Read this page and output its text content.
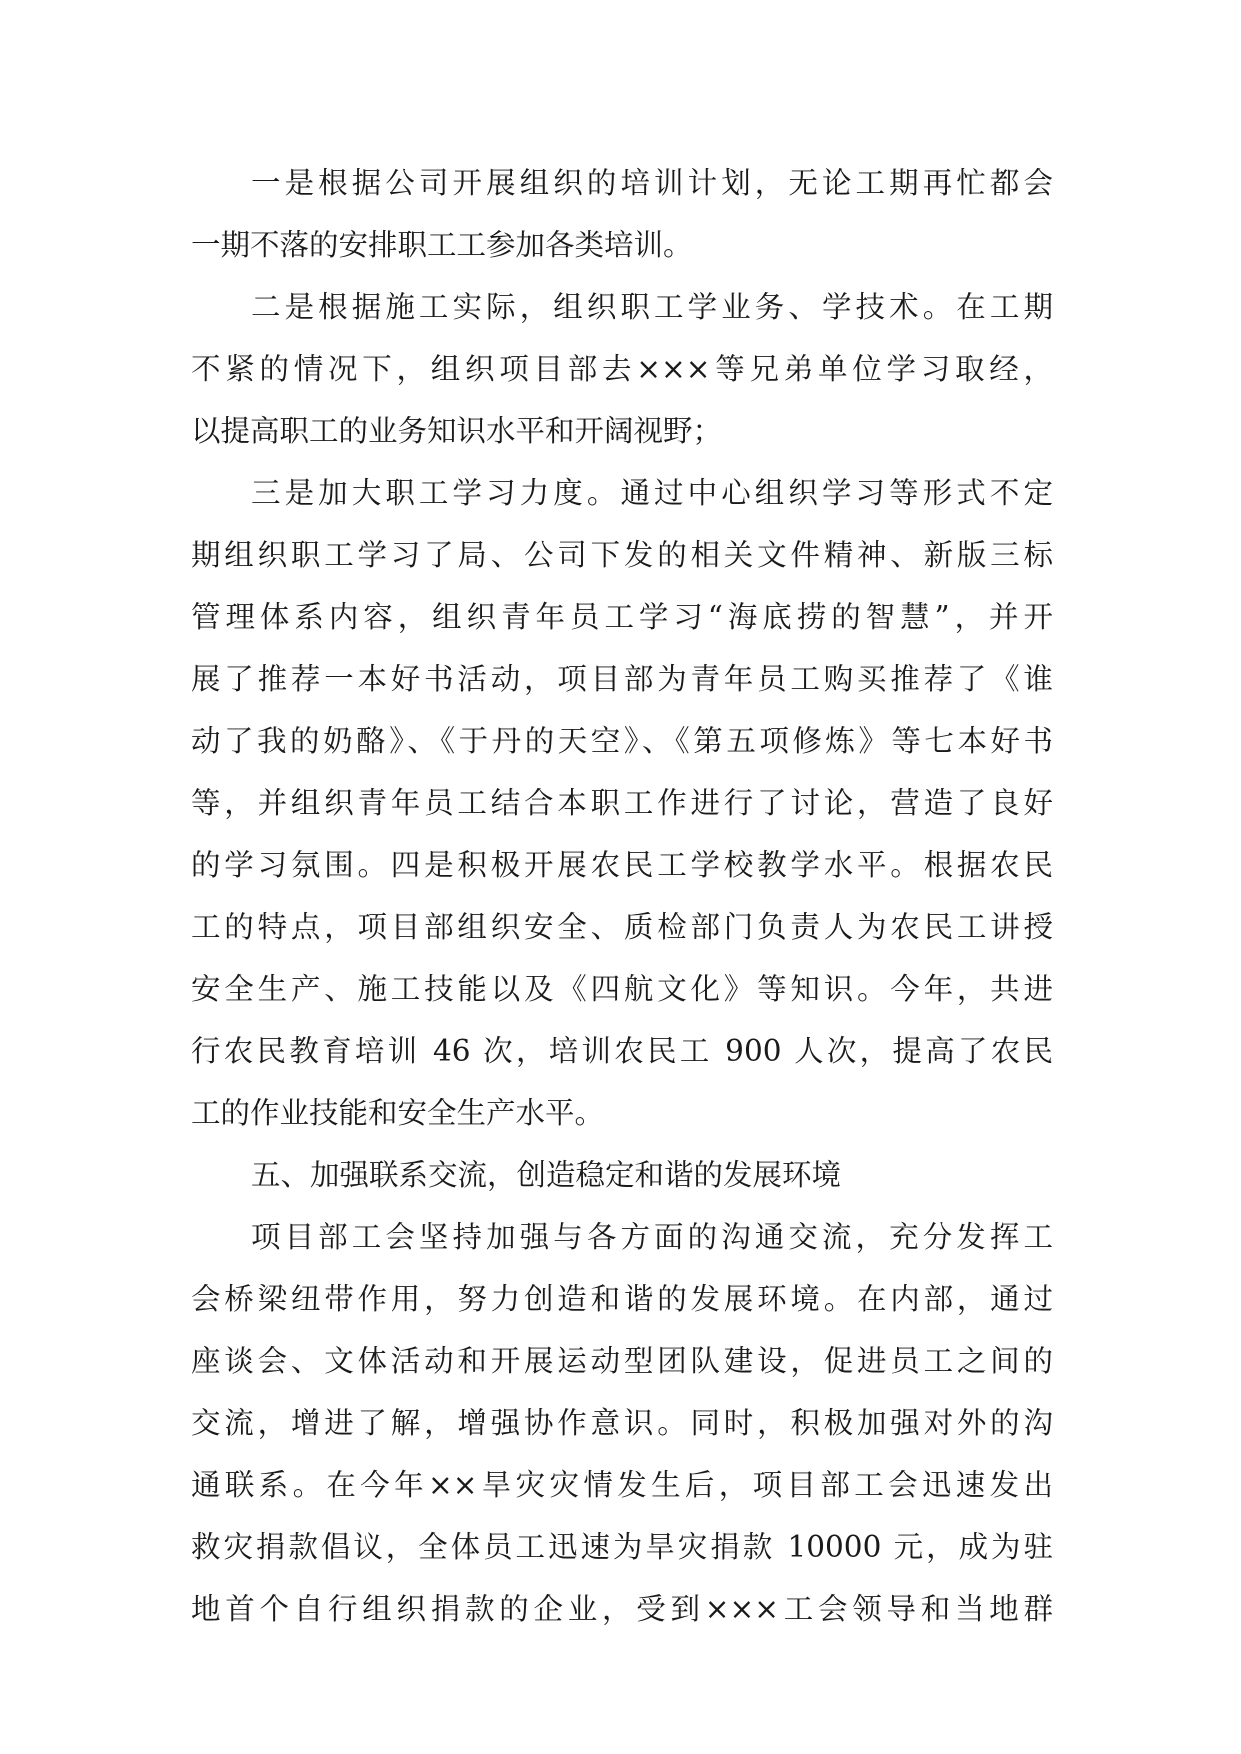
一是根据公司开展组织的培训计划，无论工期再忙都会
一期不落的安排职工工参加各类培训。
二是根据施工实际，组织职工学业务、学技术。在工期
不紧的情况下，组织项目部去×××等兄弟单位学习取经，
以提高职工的业务知识水平和开阔视野；
三是加大职工学习力度。通过中心组织学习等形式不定
期组织职工学习了局、公司下发的相关文件精神、新版三标
管理体系内容，组织青年员工学习“海底捞的智慧”，并开
展了推荐一本好书活动，项目部为青年员工购买推荐了《谁
动了我的奶酪》、《于丹的天空》、《第五项修炼》等七本好书
等，并组织青年员工结合本职工作进行了讨论，营造了良好
的学习氛围。四是积极开展农民工学校教学水平。根据农民
工的特点，项目部组织安全、质检部门负责人为农民工讲授
安全生产、施工技能以及《四航文化》等知识。今年，共进
行农民教育培训 46 次，培训农民工 900 人次，提高了农民
工的作业技能和安全生产水平。
五、加强联系交流，创造稳定和谐的发展环境
项目部工会坚持加强与各方面的沟通交流，充分发挥工
会桥梁纽带作用，努力创造和谐的发展环境。在内部，通过
座谈会、文体活动和开展运动型团队建设，促进员工之间的
交流，增进了解，增强协作意识。同时，积极加强对外的沟
通联系。在今年××旱灾灾情发生后，项目部工会迅速发出
救灾捐款倡议，全体员工迅速为旱灾捐款 10000 元，成为驻
地首个自行组织捐款的企业，受到×××工会领导和当地群
